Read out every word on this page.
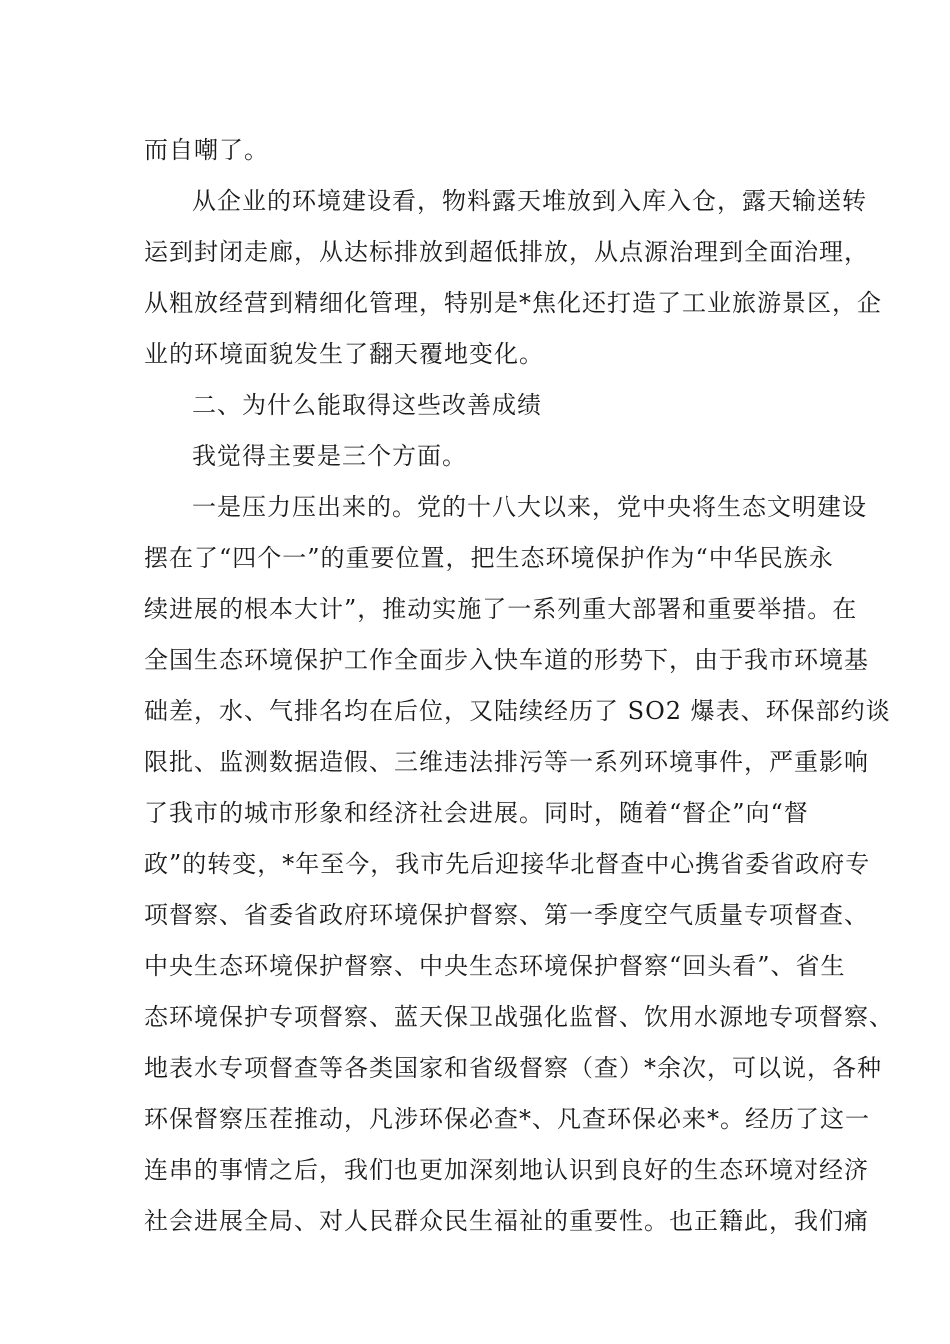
而自嘲了。
从企业的环境建设看，物料露天堆放到入库入仓，露天输送转
运到封闭走廊，从达标排放到超低排放，从点源治理到全面治理，
从粗放经营到精细化管理，特别是*焦化还打造了工业旅游景区，企
业的环境面貌发生了翻天覆地变化。
二、为什么能取得这些改善成绩
我觉得主要是三个方面。
一是压力压出来的。党的十八大以来，党中央将生态文明建设
摆在了“四个一”的重要位置，把生态环境保护作为“中华民族永
续进展的根本大计”，推动实施了一系列重大部署和重要举措。在
全国生态环境保护工作全面步入快车道的形势下，由于我市环境基
础差，水、气排名均在后位，又陆续经历了 SO2 爆表、环保部约谈
限批、监测数据造假、三维违法排污等一系列环境事件，严重影响
了我市的城市形象和经济社会进展。同时，随着“督企”向“督
政”的转变，*年至今，我市先后迎接华北督查中心携省委省政府专
项督察、省委省政府环境保护督察、第一季度空气质量专项督查、
中央生态环境保护督察、中央生态环境保护督察“回头看”、省生
态环境保护专项督察、蓝天保卫战强化监督、饮用水源地专项督察、
地表水专项督查等各类国家和省级督察（查）*余次，可以说，各种
环保督察压茬推动，凡涉环保必查*、凡查环保必来*。经历了这一
连串的事情之后，我们也更加深刻地认识到良好的生态环境对经济
社会进展全局、对人民群众民生福祉的重要性。也正籍此，我们痛
